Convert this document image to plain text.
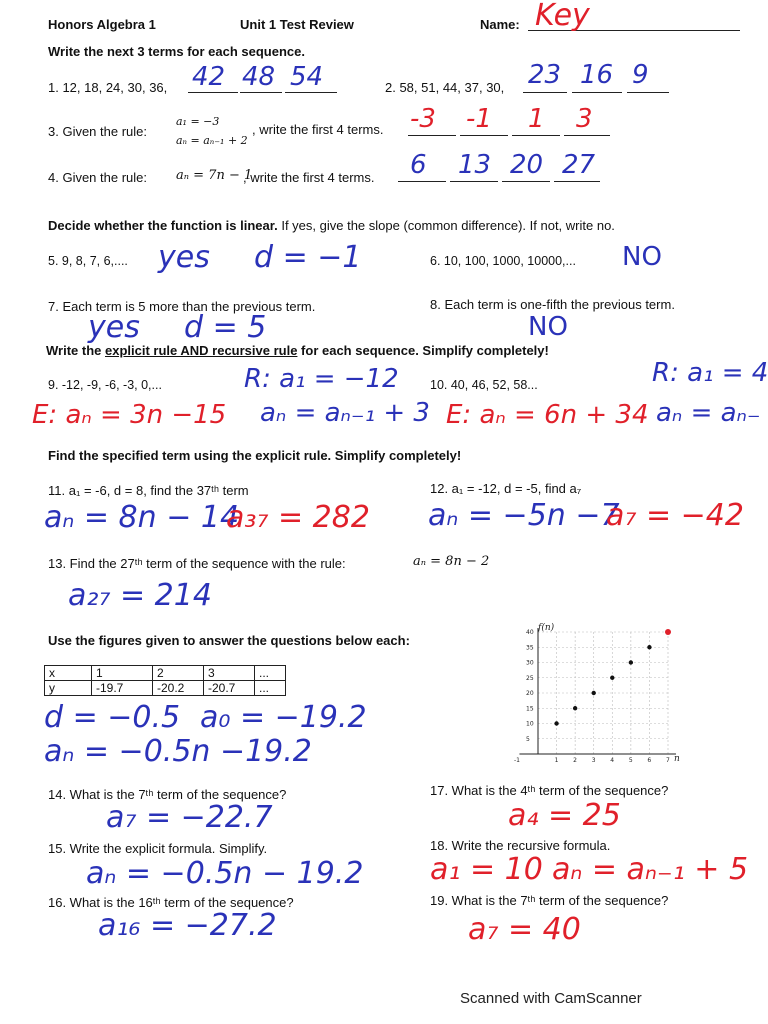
Honors Algebra 1	Unit 1 Test Review	Name: Key
Write the next 3 terms for each sequence.
1. 12, 18, 24, 30, 36, 42 48 54	2. 58, 51, 44, 37, 30, 23 16 9
3. Given the rule:
a₁ = −3
aₙ = aₙ₋₁ + 2
, write the first 4 terms. -3 -1 1 3
4. Given the rule: aₙ = 7n − 1
, write the first 4 terms. 6 13 20 27
Decide whether the function is linear. If yes, give the slope (common difference). If not, write no.
5. 9, 8, 7, 6,.... yes d = −1	6. 10, 100, 1000, 10000,... NO
7. Each term is 5 more than the previous term.
yes d = 5
8. Each term is one-fifth the previous term.
NO
Write the explicit rule AND recursive rule for each sequence. Simplify completely!
9. -12, -9, -6, -3, 0,...	R: a₁ = −12
E: aₙ = 3n −15 aₙ = aₙ₋₁ + 3
10. 40, 46, 52, 58...	R: a₁ = 4
E: aₙ = 6n + 34 aₙ = aₙ₋
Find the specified term using the explicit rule. Simplify completely!
11. a₁ = -6, d = 8, find the 37ᵗʰ term
aₙ = 8n − 14
a₃₇ = 282
12. a₁ = -12, d = -5, find a₇
aₙ = −5n −7
a₇ = −42
13. Find the 27ᵗʰ term of the sequence with the rule:	aₙ = 8n − 2
a₂₇ = 214
Use the figures given to answer the questions below each:
x	1	2	3	...
y	-19.7	-20.2	-20.7	...
d = −0.5 a₀ = −19.2
aₙ = −0.5n −19.2	-1	1 2 3 4 5 6 7
5
10
15
20
25
30
35
40 f(n)
n
14. What is the 7ᵗʰ term of the sequence?
a₇ = −22.7
17. What is the 4ᵗʰ term of the sequence?
a₄ = 25
15. Write the explicit formula. Simplify.
aₙ = −0.5n − 19.2
18. Write the recursive formula.
a₁ = 10 aₙ = aₙ₋₁ + 5
16. What is the 16ᵗʰ term of the sequence?
a₁₆ = −27.2
19. What is the 7ᵗʰ term of the sequence?
a₇ = 40
Scanned with CamScanner
